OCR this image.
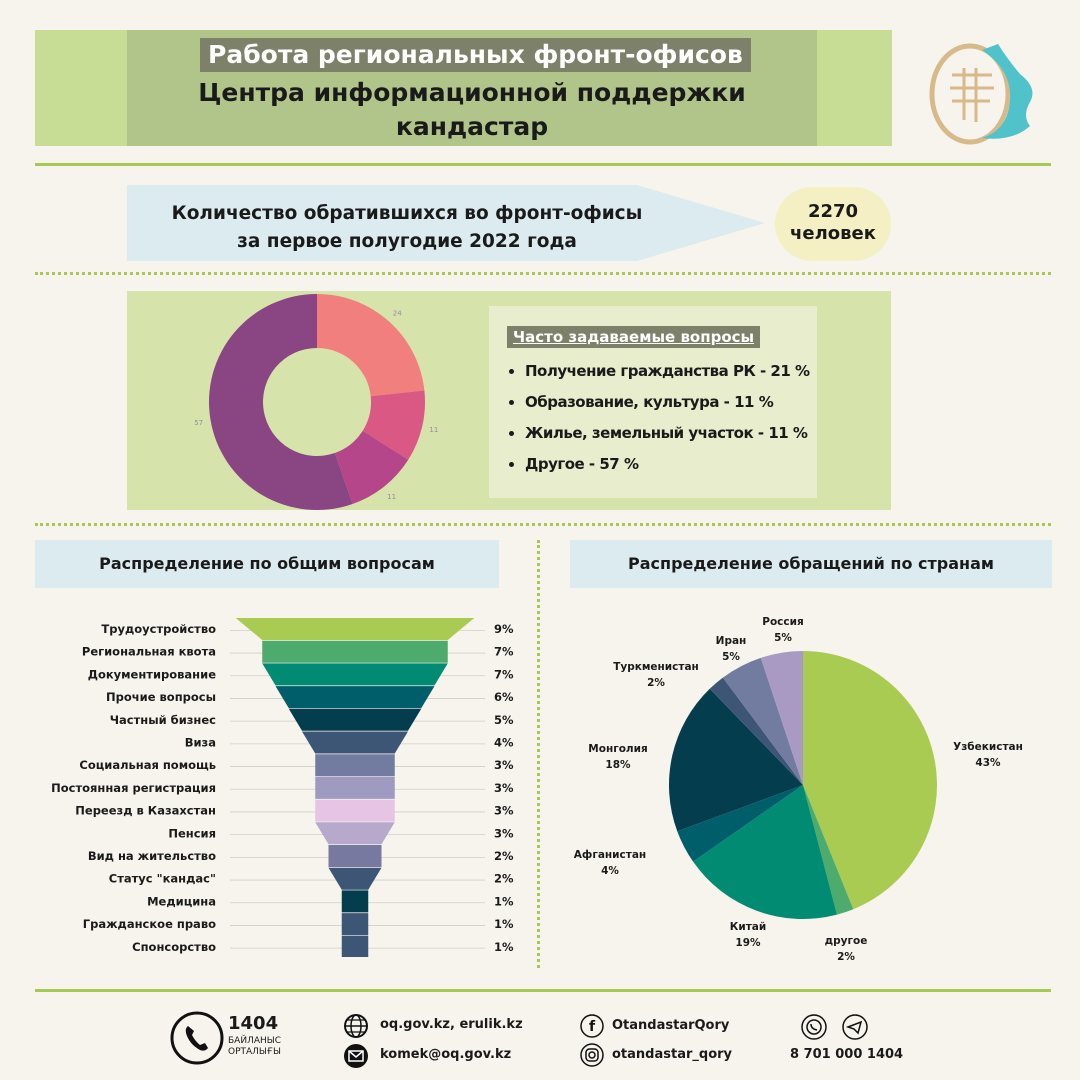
Работа региональных фронт-офисов
Центра информационной поддержки
кандастар
Количество обратившихся во фронт-офисы
за первое полугодие 2022 года
2270
человек
24
11
11
57
Часто задаваемые вопросы
• Получение гражданства РК - 21 %
• Образование, культура - 11 %
• Жилье, земельный участок - 11 %
• Другое - 57 %
Распределение по общим вопросам	Распределение обращений по странам
Трудоустройство	9%
Региональная квота	7%
Документирование	7%
Прочие вопросы	6%
Частный бизнес	5%
Виза	4%
Социальная помощь	3%
Постоянная регистрация	3%
Переезд в Казахстан	3%
Пенсия	3%
Вид на жительство	2%
Статус "кандас"	2%
Медицина	1%
Гражданское право	1%
Спонсорство	1%
Узбекистан
43%
другое
2%
Китай
19%
Афганистан
4%
Монголия
18%
Туркменистан
2%
Иран
5%
Россия
5%
1404
БАЙЛАНЫС
ОРТАЛЫҒЫ
oq.gov.kz, erulik.kz
komek@oq.gov.kz
f OtandastarQory
otandastar_qory	8 701 000 1404
